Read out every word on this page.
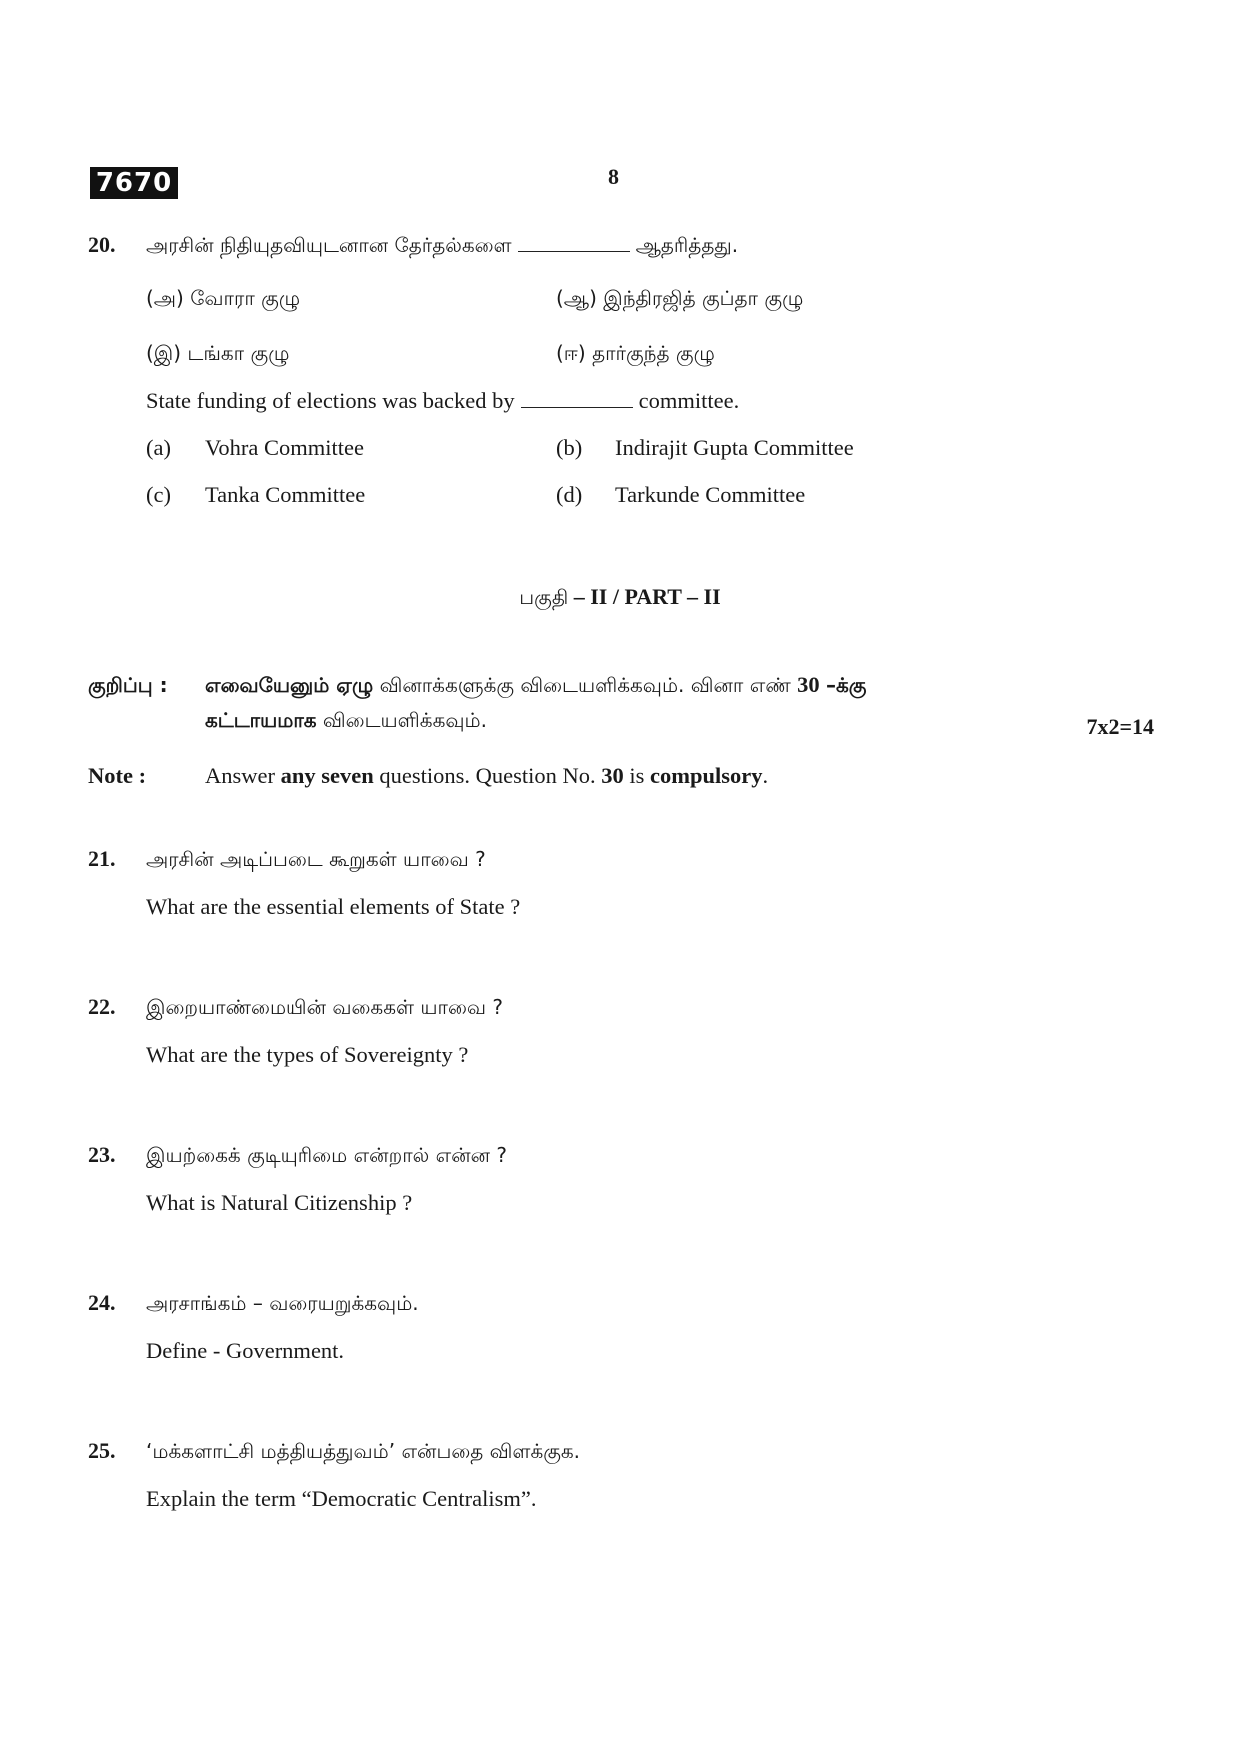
7670	8
20. அரசின் நிதியுதவியுடனான தேர்தல்களை	ஆதரித்தது.
(அ) வோரா குழு	(ஆ) இந்திரஜித் குப்தா குழு
(இ) டங்கா குழு	(ஈ) தார்குந்த் குழு
State funding of elections was backed by	committee.
(a) Vohra Committee	(b) Indirajit Gupta Committee
(c) Tanka Committee	(d) Tarkunde Committee
பகுதி – II / PART – II
குறிப்பு : எவையேனும் ஏழு வினாக்களுக்கு விடையளிக்கவும். வினா எண் 30 –க்கு
கட்டாயமாக விடையளிக்கவும்.	7x2=14
Note :	Answer any seven questions. Question No. 30 is compulsory.
21. அரசின் அடிப்படை கூறுகள் யாவை ?
What are the essential elements of State ?
22. இறையாண்மையின் வகைகள் யாவை ?
What are the types of Sovereignty ?
23. இயற்கைக் குடியுரிமை என்றால் என்ன ?
What is Natural Citizenship ?
24. அரசாங்கம் – வரையறுக்கவும்.
Define - Government.
25. ‘மக்களாட்சி மத்தியத்துவம்’ என்பதை விளக்குக.
Explain the term “Democratic Centralism”.
